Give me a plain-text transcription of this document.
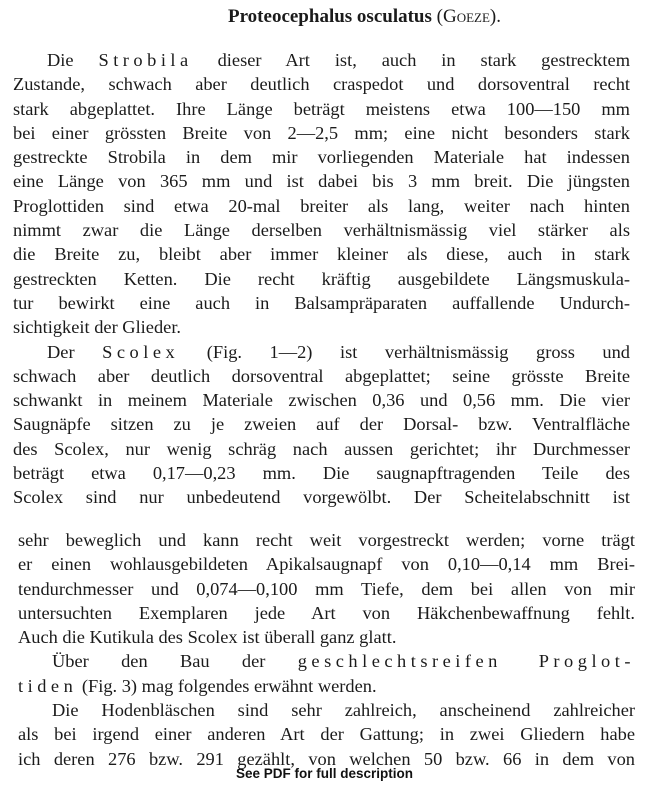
Proteocephalus osculatus (Goeze).
Die Strobila dieser Art ist, auch in stark gestrecktem
Zustande, schwach aber deutlich craspedot und dorsoventral recht
stark abgeplattet. Ihre Länge beträgt meistens etwa 100—150 mm
bei einer grössten Breite von 2—2,5 mm; eine nicht besonders stark
gestreckte Strobila in dem mir vorliegenden Materiale hat indessen
eine Länge von 365 mm und ist dabei bis 3 mm breit. Die jüngsten
Proglottiden sind etwa 20-mal breiter als lang, weiter nach hinten
nimmt zwar die Länge derselben verhältnismässig viel stärker als
die Breite zu, bleibt aber immer kleiner als diese, auch in stark
gestreckten Ketten. Die recht kräftig ausgebildete Längsmuskula-
tur bewirkt eine auch in Balsampräparaten auffallende Undurch-
sichtigkeit der Glieder.
Der Scolex (Fig. 1—2) ist verhältnismässig gross und
schwach aber deutlich dorsoventral abgeplattet; seine grösste Breite
schwankt in meinem Materiale zwischen 0,36 und 0,56 mm. Die vier
Saugnäpfe sitzen zu je zweien auf der Dorsal- bzw. Ventralfläche
des Scolex, nur wenig schräg nach aussen gerichtet; ihr Durchmesser
beträgt etwa 0,17—0,23 mm. Die saugnapftragenden Teile des
Scolex sind nur unbedeutend vorgewölbt. Der Scheitelabschnitt ist
sehr beweglich und kann recht weit vorgestreckt werden; vorne trägt
er einen wohlausgebildeten Apikalsaugnapf von 0,10—0,14 mm Brei-
tendurchmesser und 0,074—0,100 mm Tiefe, dem bei allen von mir
untersuchten Exemplaren jede Art von Häkchenbewaffnung fehlt.
Auch die Kutikula des Scolex ist überall ganz glatt.
Über den Bau der geschlechtsreifen Proglot-
tiden (Fig. 3) mag folgendes erwähnt werden.
Die Hodenbläschen sind sehr zahlreich, anscheinend zahlreicher
als bei irgend einer anderen Art der Gattung; in zwei Gliedern habe
ich deren 276 bzw. 291 gezählt, von welchen 50 bzw. 66 in dem von
See PDF for full description
